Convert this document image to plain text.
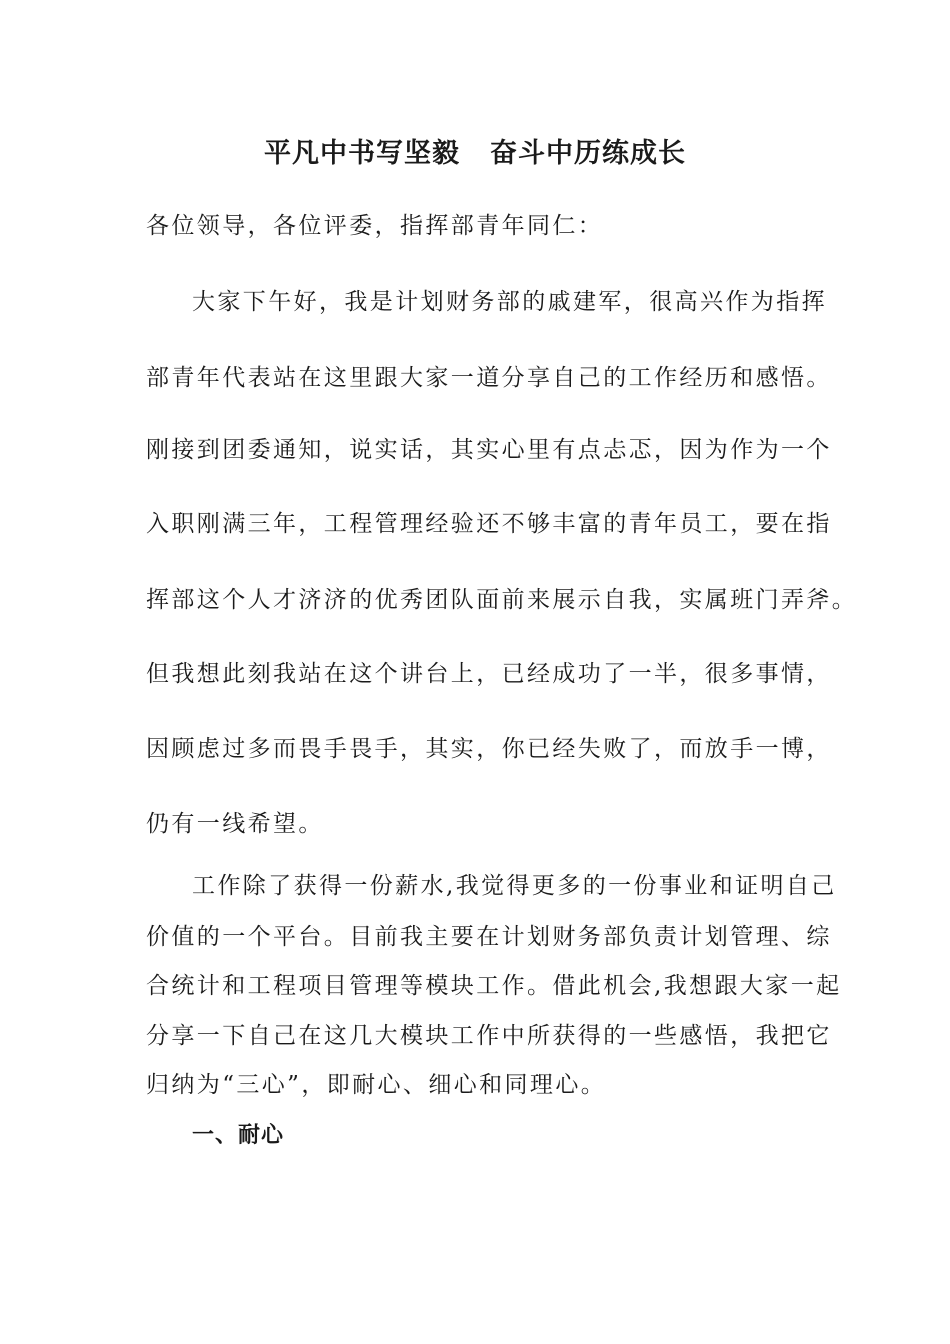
平凡中书写坚毅 奋斗中历练成长
各位领导，各位评委，指挥部青年同仁：
大家下午好，我是计划财务部的戚建军，很高兴作为指挥
部青年代表站在这里跟大家一道分享自己的工作经历和感悟。
刚接到团委通知，说实话，其实心里有点忐忑，因为作为一个
入职刚满三年，工程管理经验还不够丰富的青年员工，要在指
挥部这个人才济济的优秀团队面前来展示自我，实属班门弄斧。
但我想此刻我站在这个讲台上，已经成功了一半，很多事情，
因顾虑过多而畏手畏手，其实，你已经失败了，而放手一博，
仍有一线希望。
工作除了获得一份薪水,我觉得更多的一份事业和证明自己
价值的一个平台。目前我主要在计划财务部负责计划管理、综
合统计和工程项目管理等模块工作。借此机会,我想跟大家一起
分享一下自己在这几大模块工作中所获得的一些感悟，我把它
归纳为“三心”，即耐心、细心和同理心。
一、耐心
